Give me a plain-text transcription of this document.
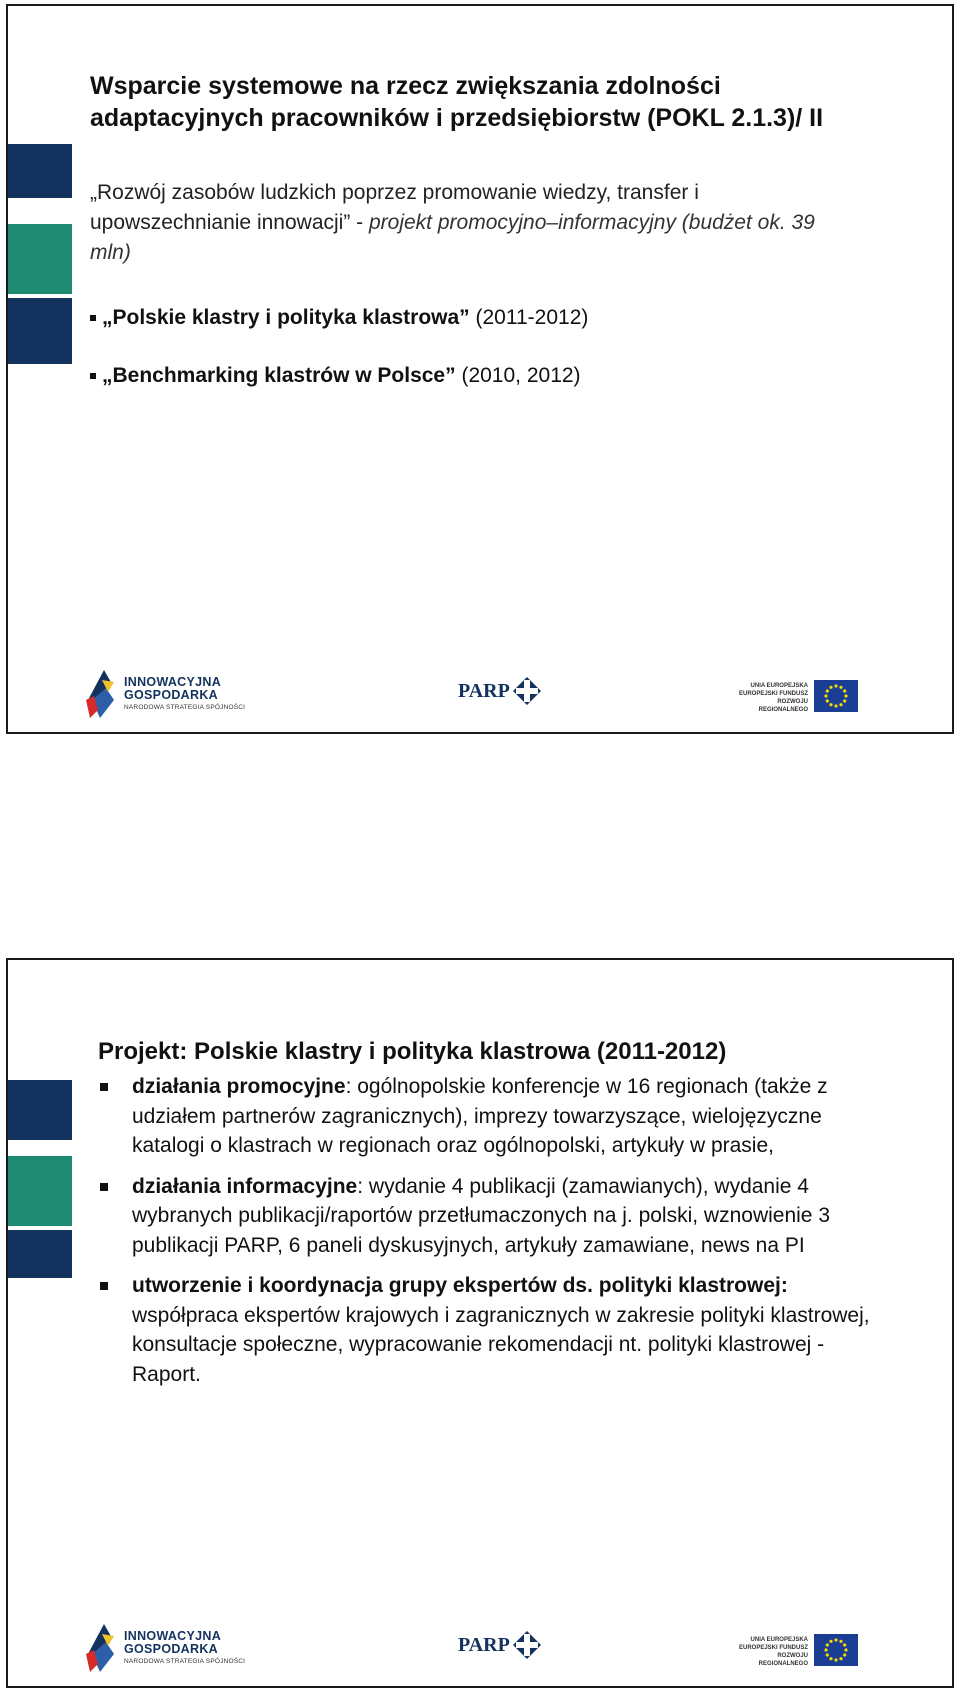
Wsparcie systemowe na rzecz zwiększania zdolności
adaptacyjnych pracowników i przedsiębiorstw (POKL 2.1.3)/ II
„Rozwój zasobów ludzkich poprzez promowanie wiedzy, transfer i upowszechnianie innowacji” - projekt promocyjno–informacyjny (budżet ok. 39 mln)
„Polskie klastry i polityka klastrowa” (2011-2012)
„Benchmarking klastrów w Polsce” (2010, 2012)
INNOWACYJNA
GOSPODARKA
NARODOWA STRATEGIA SPÓJNOŚCI
PARP	UNIA EUROPEJSKA
EUROPEJSKI FUNDUSZ
ROZWOJU REGIONALNEGO
Projekt: Polskie klastry i polityka klastrowa (2011-2012)
działania promocyjne: ogólnopolskie konferencje w 16 regionach (także z udziałem partnerów zagranicznych), imprezy towarzyszące, wielojęzyczne katalogi o klastrach w regionach oraz ogólnopolski, artykuły w prasie,
działania informacyjne: wydanie 4 publikacji (zamawianych), wydanie 4 wybranych publikacji/raportów przetłumaczonych na j. polski, wznowienie 3 publikacji PARP, 6 paneli dyskusyjnych, artykuły zamawiane, news na PI
utworzenie i koordynacja grupy ekspertów ds. polityki klastrowej: współpraca ekspertów krajowych i zagranicznych w zakresie polityki klastrowej, konsultacje społeczne, wypracowanie rekomendacji nt. polityki klastrowej - Raport.
INNOWACYJNA
GOSPODARKA
NARODOWA STRATEGIA SPÓJNOŚCI
PARP	UNIA EUROPEJSKA
EUROPEJSKI FUNDUSZ
ROZWOJU REGIONALNEGO
